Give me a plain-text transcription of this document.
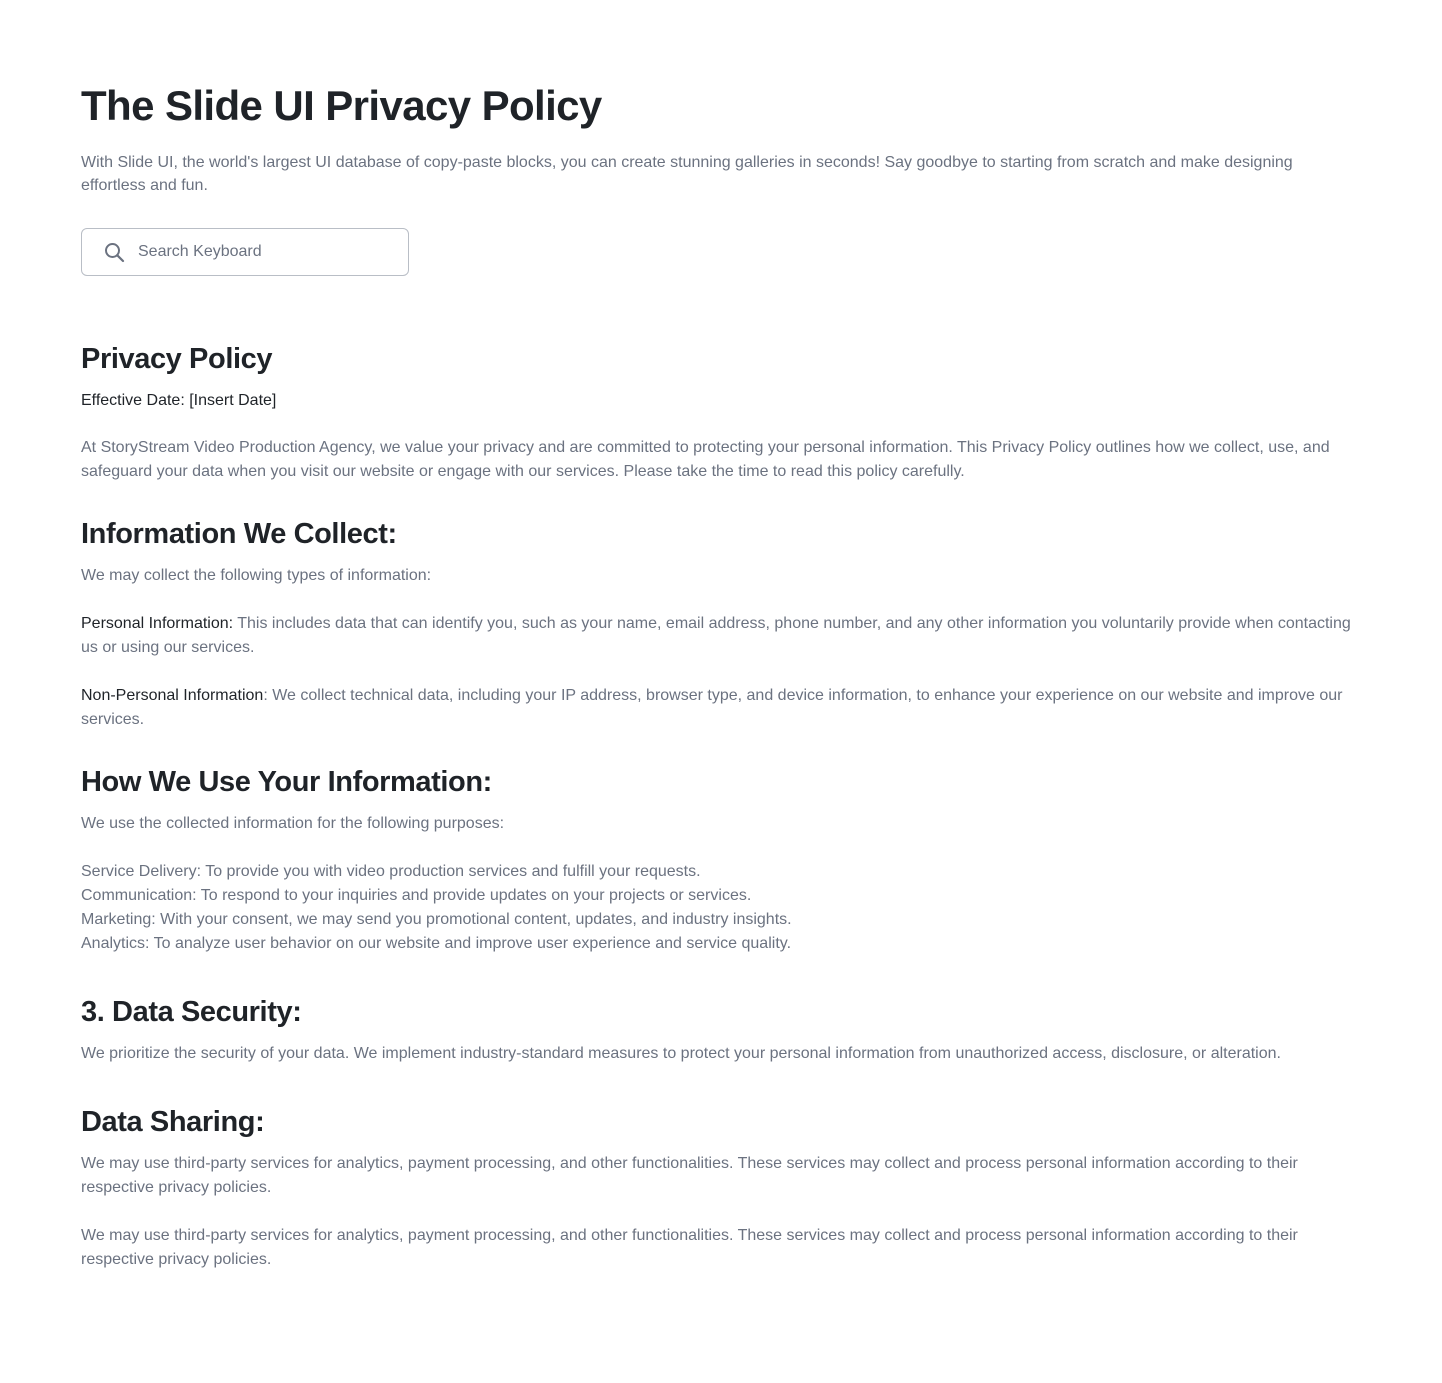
The Slide UI Privacy Policy

With Slide UI, the world's largest UI database of copy-paste blocks, you can create stunning galleries in seconds! Say goodbye to starting from scratch and make designing effortless and fun.

Search Keyboard
Privacy Policy

Effective Date: [Insert Date]

At StoryStream Video Production Agency, we value your privacy and are committed to protecting your personal information. This Privacy Policy outlines how we collect, use, and safeguard your data when you visit our website or engage with our services. Please take the time to read this policy carefully.

Information We Collect:

We may collect the following types of information:

Personal Information: This includes data that can identify you, such as your name, email address, phone number, and any other information you voluntarily provide when contacting us or using our services.

Non-Personal Information: We collect technical data, including your IP address, browser type, and device information, to enhance your experience on our website and improve our services.

How We Use Your Information:

We use the collected information for the following purposes:

Service Delivery: To provide you with video production services and fulfill your requests.
Communication: To respond to your inquiries and provide updates on your projects or services.
Marketing: With your consent, we may send you promotional content, updates, and industry insights.
Analytics: To analyze user behavior on our website and improve user experience and service quality.
3. Data Security:

We prioritize the security of your data. We implement industry-standard measures to protect your personal information from unauthorized access, disclosure, or alteration.

Data Sharing:

We may use third-party services for analytics, payment processing, and other functionalities. These services may collect and process personal information according to their respective privacy policies.

We may use third-party services for analytics, payment processing, and other functionalities. These services may collect and process personal information according to their respective privacy policies.
